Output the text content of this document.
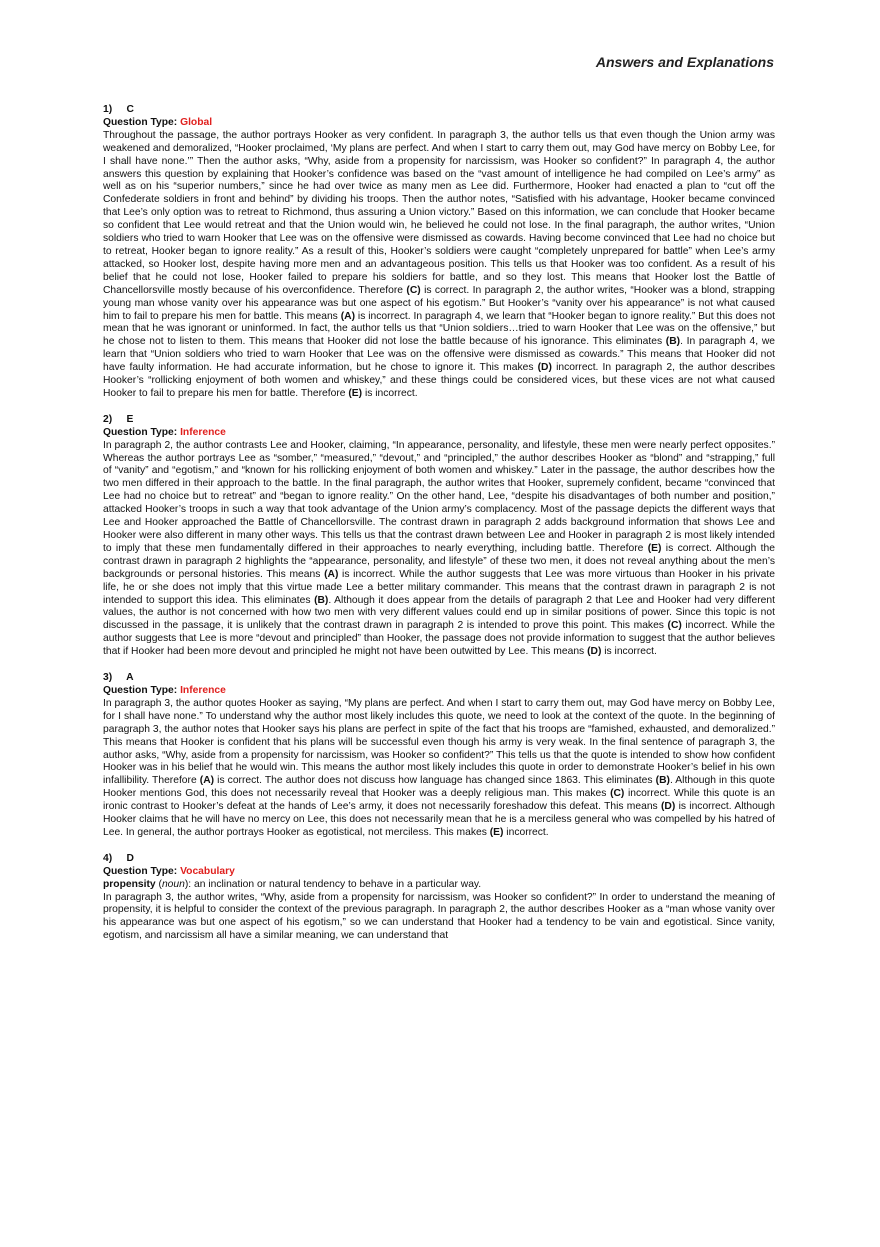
Answers and Explanations
1) C
Question Type: Global

Throughout the passage, the author portrays Hooker as very confident. In paragraph 3, the author tells us that even though the Union army was weakened and demoralized, “Hooker proclaimed, ‘My plans are perfect. And when I start to carry them out, may God have mercy on Bobby Lee, for I shall have none.’” Then the author asks, “Why, aside from a propensity for narcissism, was Hooker so confident?” In paragraph 4, the author answers this question by explaining that Hooker’s confidence was based on the “vast amount of intelligence he had compiled on Lee’s army” as well as on his “superior numbers,” since he had over twice as many men as Lee did. Furthermore, Hooker had enacted a plan to “cut off the Confederate soldiers in front and behind” by dividing his troops. Then the author notes, “Satisfied with his advantage, Hooker became convinced that Lee’s only option was to retreat to Richmond, thus assuring a Union victory.” Based on this information, we can conclude that Hooker became so confident that Lee would retreat and that the Union would win, he believed he could not lose. In the final paragraph, the author writes, “Union soldiers who tried to warn Hooker that Lee was on the offensive were dismissed as cowards. Having become convinced that Lee had no choice but to retreat, Hooker began to ignore reality.” As a result of this, Hooker’s soldiers were caught “completely unprepared for battle” when Lee’s army attacked, so Hooker lost, despite having more men and an advantageous position. This tells us that Hooker was too confident. As a result of his belief that he could not lose, Hooker failed to prepare his soldiers for battle, and so they lost. This means that Hooker lost the Battle of Chancellorsville mostly because of his overconfidence. Therefore (C) is correct. In paragraph 2, the author writes, “Hooker was a blond, strapping young man whose vanity over his appearance was but one aspect of his egotism.” But Hooker’s “vanity over his appearance” is not what caused him to fail to prepare his men for battle. This means (A) is incorrect. In paragraph 4, we learn that “Hooker began to ignore reality.” But this does not mean that he was ignorant or uninformed. In fact, the author tells us that “Union soldiers…tried to warn Hooker that Lee was on the offensive,” but he chose not to listen to them. This means that Hooker did not lose the battle because of his ignorance. This eliminates (B). In paragraph 4, we learn that “Union soldiers who tried to warn Hooker that Lee was on the offensive were dismissed as cowards.” This means that Hooker did not have faulty information. He had accurate information, but he chose to ignore it. This makes (D) incorrect. In paragraph 2, the author describes Hooker’s “rollicking enjoyment of both women and whiskey,” and these things could be considered vices, but these vices are not what caused Hooker to fail to prepare his men for battle. Therefore (E) is incorrect.

2) E
Question Type: Inference

In paragraph 2, the author contrasts Lee and Hooker, claiming, “In appearance, personality, and lifestyle, these men were nearly perfect opposites.” Whereas the author portrays Lee as “somber,” “measured,” “devout,” and “principled,” the author describes Hooker as “blond” and “strapping,” full of “vanity” and “egotism,” and “known for his rollicking enjoyment of both women and whiskey.” Later in the passage, the author describes how the two men differed in their approach to the battle. In the final paragraph, the author writes that Hooker, supremely confident, became “convinced that Lee had no choice but to retreat” and “began to ignore reality.” On the other hand, Lee, “despite his disadvantages of both number and position,” attacked Hooker’s troops in such a way that took advantage of the Union army’s complacency. Most of the passage depicts the different ways that Lee and Hooker approached the Battle of Chancellorsville. The contrast drawn in paragraph 2 adds background information that shows Lee and Hooker were also different in many other ways. This tells us that the contrast drawn between Lee and Hooker in paragraph 2 is most likely intended to imply that these men fundamentally differed in their approaches to nearly everything, including battle. Therefore (E) is correct. Although the contrast drawn in paragraph 2 highlights the “appearance, personality, and lifestyle” of these two men, it does not reveal anything about the men’s backgrounds or personal histories. This means (A) is incorrect. While the author suggests that Lee was more virtuous than Hooker in his private life, he or she does not imply that this virtue made Lee a better military commander. This means that the contrast drawn in paragraph 2 is not intended to support this idea. This eliminates (B). Although it does appear from the details of paragraph 2 that Lee and Hooker had very different values, the author is not concerned with how two men with very different values could end up in similar positions of power. Since this topic is not discussed in the passage, it is unlikely that the contrast drawn in paragraph 2 is intended to prove this point. This makes (C) incorrect. While the author suggests that Lee is more “devout and principled” than Hooker, the passage does not provide information to suggest that the author believes that if Hooker had been more devout and principled he might not have been outwitted by Lee. This means (D) is incorrect.

3) A
Question Type: Inference

In paragraph 3, the author quotes Hooker as saying, “My plans are perfect. And when I start to carry them out, may God have mercy on Bobby Lee, for I shall have none.” To understand why the author most likely includes this quote, we need to look at the context of the quote. In the beginning of paragraph 3, the author notes that Hooker says his plans are perfect in spite of the fact that his troops are “famished, exhausted, and demoralized.” This means that Hooker is confident that his plans will be successful even though his army is very weak. In the final sentence of paragraph 3, the author asks, “Why, aside from a propensity for narcissism, was Hooker so confident?” This tells us that the quote is intended to show how confident Hooker was in his belief that he would win. This means the author most likely includes this quote in order to demonstrate Hooker’s belief in his own infallibility. Therefore (A) is correct. The author does not discuss how language has changed since 1863. This eliminates (B). Although in this quote Hooker mentions God, this does not necessarily reveal that Hooker was a deeply religious man. This makes (C) incorrect. While this quote is an ironic contrast to Hooker’s defeat at the hands of Lee’s army, it does not necessarily foreshadow this defeat. This means (D) is incorrect. Although Hooker claims that he will have no mercy on Lee, this does not necessarily mean that he is a merciless general who was compelled by his hatred of Lee. In general, the author portrays Hooker as egotistical, not merciless. This makes (E) incorrect.

4) D
Question Type: Vocabulary
propensity (noun): an inclination or natural tendency to behave in a particular way.

In paragraph 3, the author writes, “Why, aside from a propensity for narcissism, was Hooker so confident?” In order to understand the meaning of propensity, it is helpful to consider the context of the previous paragraph. In paragraph 2, the author describes Hooker as a “man whose vanity over his appearance was but one aspect of his egotism,” so we can understand that Hooker had a tendency to be vain and egotistical. Since vanity, egotism, and narcissism all have a similar meaning, we can understand that
